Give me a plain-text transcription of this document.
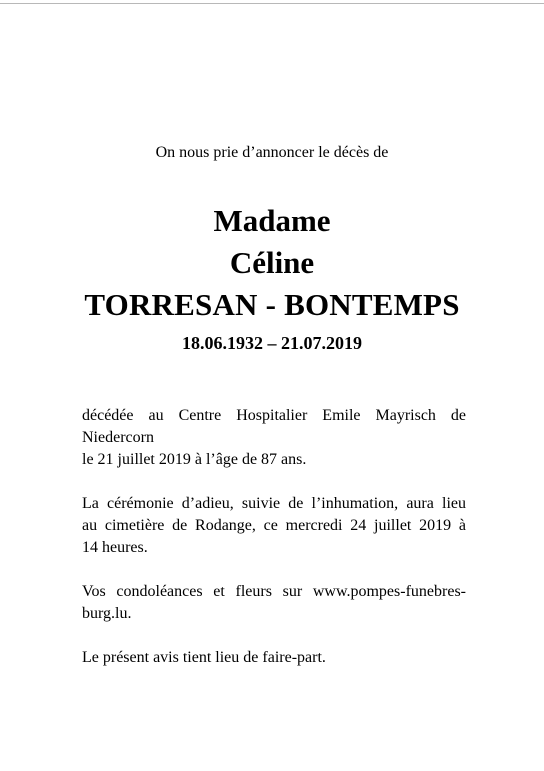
On nous prie d’annoncer le décès de
Madame
Céline
TORRESAN - BONTEMPS
18.06.1932 – 21.07.2019
décédée au Centre Hospitalier Emile Mayrisch de
Niedercorn
le 21 juillet 2019 à l’âge de 87 ans.
La cérémonie d’adieu, suivie de l’inhumation, aura lieu
au cimetière de Rodange, ce mercredi 24 juillet 2019 à
14 heures.
Vos condoléances et fleurs sur www.pompes-funebres-
burg.lu.
Le présent avis tient lieu de faire-part.
